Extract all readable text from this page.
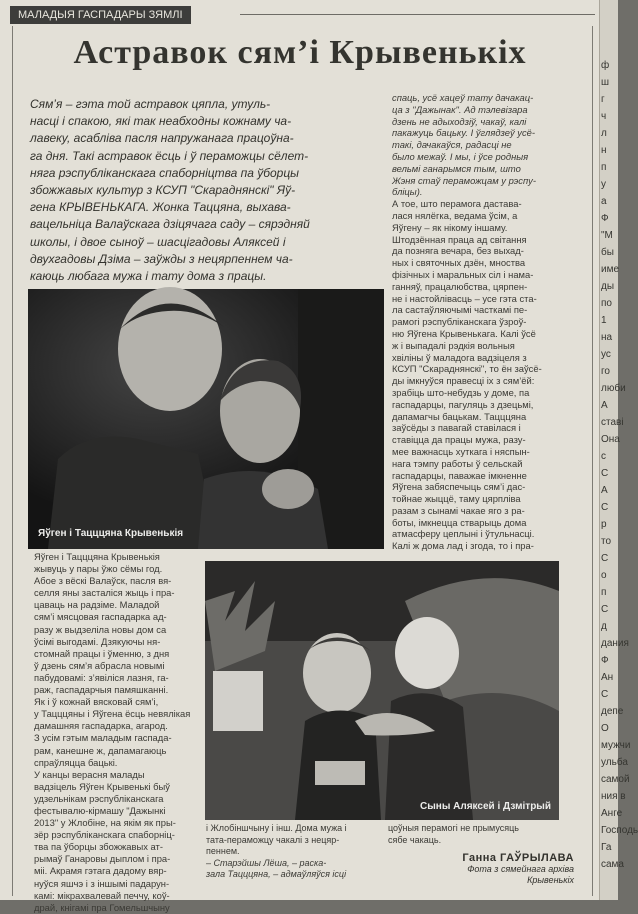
МАЛАДЫЯ ГАСПАДАРЫ ЗЯМЛІ
Астравок сям’і Крывенькіх
Сям’я – гэта той астравок цяпла, утуль-
насці і спакою, які так неабходны кожнаму ча-
лавеку, асабліва пасля напружанага працоўна-
га дня. Такі астравок ёсць і ў пераможцы сёлет-
няга рэспубліканскага спаборніцтва па ўборцы
збожжавых культур з КСУП "Скараднянскі" Яў-
гена КРЫВЕНЬКАГА. Жонка Таццяна, выхава-
вацельніца Валаўскага дзіцячага саду – сярэдняй
школы, і двое сыноў – шасцігадовы Аляксей і
двухгадовы Дзіма – заўжды з нецярпеннем ча-
каюць любага мужа і тату дома з працы.
спаць, усё хацеў тату дачакац-
ца з "Дажынак". Ад тэлевізара
дзень не адыходзіў, чакаў, калі
пакажуць бацьку. І ўглядзеў усё-
такі, дачакаўся, радасці не
было межаў. І мы, і ўсе родныя
вельмі ганарымся тым, што
Жэня стаў пераможцам у рэспу-
бліцы).
А тое, што перамога дастава-
лася нялёгка, ведама ўсім, а
Яўгену – як нікому іншаму.
Штодзённая праца ад світання
да позняга вечара, без выхад-
ных і святочных дзён, мноства
фізічных і маральных сіл і нама-
ганняў, працалюбства, цярпен-
не і настойлівасць – усе гэта ста-
ла састаўляючымі часткамі пе-
рамогі рэспубліканскага ўзроў-
ню Яўгена Крывенькага. Калі ўсё
ж і выпадалі рэдкія вольныя
хвіліны ў маладога вадзіцеля з
КСУП "Скараднянскі", то ён заўсё-
ды імкнуўся правесці іх з сям’ёй:
зрабіць што-небудзь у доме, па
гаспадарцы, пагуляць з дзецьмі,
дапамагчы бацькам. Тацццяна
заўсёды з павагай ставілася і
ставіцца да працы мужа, разу-
мее важнасць хуткага і няспын-
нага тэмпу работы ў сельскай
гаспадарцы, паважае імкненне
Яўгена забяспечыць сям’і дас-
тойнае жыццё, таму цярпліва
разам з сынамі чакае яго з ра-
боты, імкнецца стварыць дома
атмасферу цеплыні і ўтульнасці.
Калі ж дома лад і згода, то і пра-
Яўген і Тацццяна Крывенькія
Яўген і Тацццяна Крывенькія
жывуць у пары ўжо сёмы год.
Абое з вёскі Валаўск, пасля вя-
селля яны засталіся жыць і пра-
цаваць на радзіме. Маладой
сям’і мясцовая гаспадарка ад-
разу ж выдзеліла новы дом са
ўсімі выгодамі. Дзякуючы ня-
стомнай працы і ўменню, з дня
ў дзень сям’я абрасла новымі
пабудовамі: з’явіліся лазня, га-
раж, гаспадарчыя памяшканні.
Як і ў кожнай вясковай сям’і,
у Тацццяны і Яўгена ёсць невялікая
дамашняя гаспадарка, агарод.
З усім гэтым маладым гаспада-
рам, канешне ж, дапамагаюць
спраўляцца бацькі.
У канцы верасня малады
вадзіцель Яўген Крывенькі быў
удзельнікам рэспубліканскага
фестывалю-кірмашу "Дажынкі
2013" у Жлобіне, на якім як пры-
зёр рэспубліканскага спаборніц-
тва па ўборцы збожжавых ат-
рымаў Ганаровы дыплом і пра-
міі. Акрамя гэтага дадому вяр-
нуўся яшчэ і з іншымі падарун-
камі: мікрахвалевай печчу, коў-
драй, кнігамі пра Гомельшчыну
Сыны Аляксей і Дзмітрый
і Жлобіншчыну і інш. Дома мужа і
тата-пераможцу чакалі з нецяр-
пеннем.
– Старэйшы Лёша, – раска-
зала Тацццяна, – адмаўляўся ісці
цоўныя перамогі не прымусяць
сябе чакаць.
Ганна ГАЎРЫЛАВА
Фота з сямейнага архіва
Крывенькіх
ф
ш
г
ч
л
н
п
у
а
Ф
"М
бы
име
ды
по
1
на
ус
го
люби
А
ставі
Она
с
С
А
С
р
то
С
о
п
С
д
дания
Ф
Ан
С
депе
О
мужчи
ульба
самой
ния в
Анге
Господь
Га
сама
